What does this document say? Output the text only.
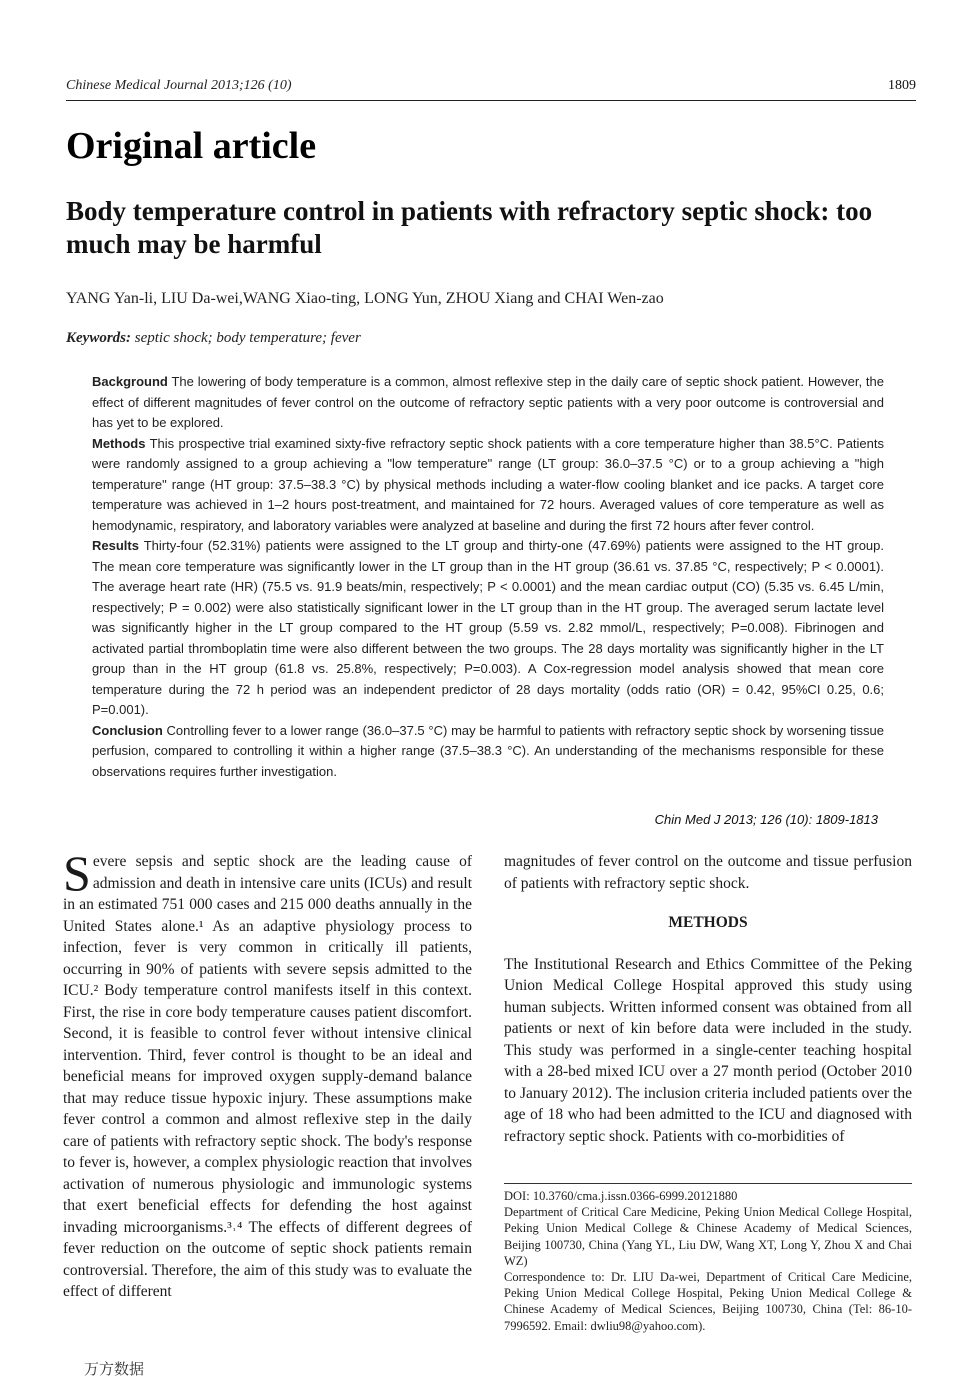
Chinese Medical Journal 2013;126 (10)	1809
Original article
Body temperature control in patients with refractory septic shock: too much may be harmful
YANG Yan-li, LIU Da-wei,WANG Xiao-ting, LONG Yun, ZHOU Xiang and CHAI Wen-zao
Keywords: septic shock; body temperature; fever

Background The lowering of body temperature is a common, almost reflexive step in the daily care of septic shock patient. However, the effect of different magnitudes of fever control on the outcome of refractory septic patients with a very poor outcome is controversial and has yet to be explored.

Methods This prospective trial examined sixty-five refractory septic shock patients with a core temperature higher than 38.5°C. Patients were randomly assigned to a group achieving a "low temperature" range (LT group: 36.0–37.5 °C) or to a group achieving a "high temperature" range (HT group: 37.5–38.3 °C) by physical methods including a water-flow cooling blanket and ice packs. A target core temperature was achieved in 1–2 hours post-treatment, and maintained for 72 hours. Averaged values of core temperature as well as hemodynamic, respiratory, and laboratory variables were analyzed at baseline and during the first 72 hours after fever control.

Results Thirty-four (52.31%) patients were assigned to the LT group and thirty-one (47.69%) patients were assigned to the HT group. The mean core temperature was significantly lower in the LT group than in the HT group (36.61 vs. 37.85 °C, respectively; P < 0.0001). The average heart rate (HR) (75.5 vs. 91.9 beats/min, respectively; P < 0.0001) and the mean cardiac output (CO) (5.35 vs. 6.45 L/min, respectively; P = 0.002) were also statistically significant lower in the LT group than in the HT group. The averaged serum lactate level was significantly higher in the LT group compared to the HT group (5.59 vs. 2.82 mmol/L, respectively; P=0.008). Fibrinogen and activated partial thromboplatin time were also different between the two groups. The 28 days mortality was significantly higher in the LT group than in the HT group (61.8 vs. 25.8%, respectively; P=0.003). A Cox-regression model analysis showed that mean core temperature during the 72 h period was an independent predictor of 28 days mortality (odds ratio (OR) = 0.42, 95%CI 0.25, 0.6; P=0.001).

Conclusion Controlling fever to a lower range (36.0–37.5 °C) may be harmful to patients with refractory septic shock by worsening tissue perfusion, compared to controlling it within a higher range (37.5–38.3 °C). An understanding of the mechanisms responsible for these observations requires further investigation.

Chin Med J 2013; 126 (10): 1809-1813

Severe sepsis and septic shock are the leading cause of admission and death in intensive care units (ICUs) and result in an estimated 751 000 cases and 215 000 deaths annually in the United States alone.¹ As an adaptive physiology process to infection, fever is very common in critically ill patients, occurring in 90% of patients with severe sepsis admitted to the ICU.² Body temperature control manifests itself in this context. First, the rise in core body temperature causes patient discomfort. Second, it is feasible to control fever without intensive clinical intervention. Third, fever control is thought to be an ideal and beneficial means for improved oxygen supply-demand balance that may reduce tissue hypoxic injury. These assumptions make fever control a common and almost reflexive step in the daily care of patients with refractory septic shock. The body's response to fever is, however, a complex physiologic reaction that involves activation of numerous physiologic and immunologic systems that exert beneficial effects for defending the host against invading microorganisms.³˒⁴ The effects of different degrees of fever reduction on the outcome of septic shock patients remain controversial. Therefore, the aim of this study was to evaluate the effect of different

magnitudes of fever control on the outcome and tissue perfusion of patients with refractory septic shock.

METHODS

The Institutional Research and Ethics Committee of the Peking Union Medical College Hospital approved this study using human subjects. Written informed consent was obtained from all patients or next of kin before data were included in the study. This study was performed in a single-center teaching hospital with a 28-bed mixed ICU over a 27 month period (October 2010 to January 2012). The inclusion criteria included patients over the age of 18 who had been admitted to the ICU and diagnosed with refractory septic shock. Patients with co-morbidities of

DOI: 10.3760/cma.j.issn.0366-6999.20121880

Department of Critical Care Medicine, Peking Union Medical College Hospital, Peking Union Medical College & Chinese Academy of Medical Sciences, Beijing 100730, China (Yang YL, Liu DW, Wang XT, Long Y, Zhou X and Chai WZ)

Correspondence to: Dr. LIU Da-wei, Department of Critical Care Medicine, Peking Union Medical College Hospital, Peking Union Medical College & Chinese Academy of Medical Sciences, Beijing 100730, China (Tel: 86-10-7996592. Email: dwliu98@yahoo.com).

万方数据
